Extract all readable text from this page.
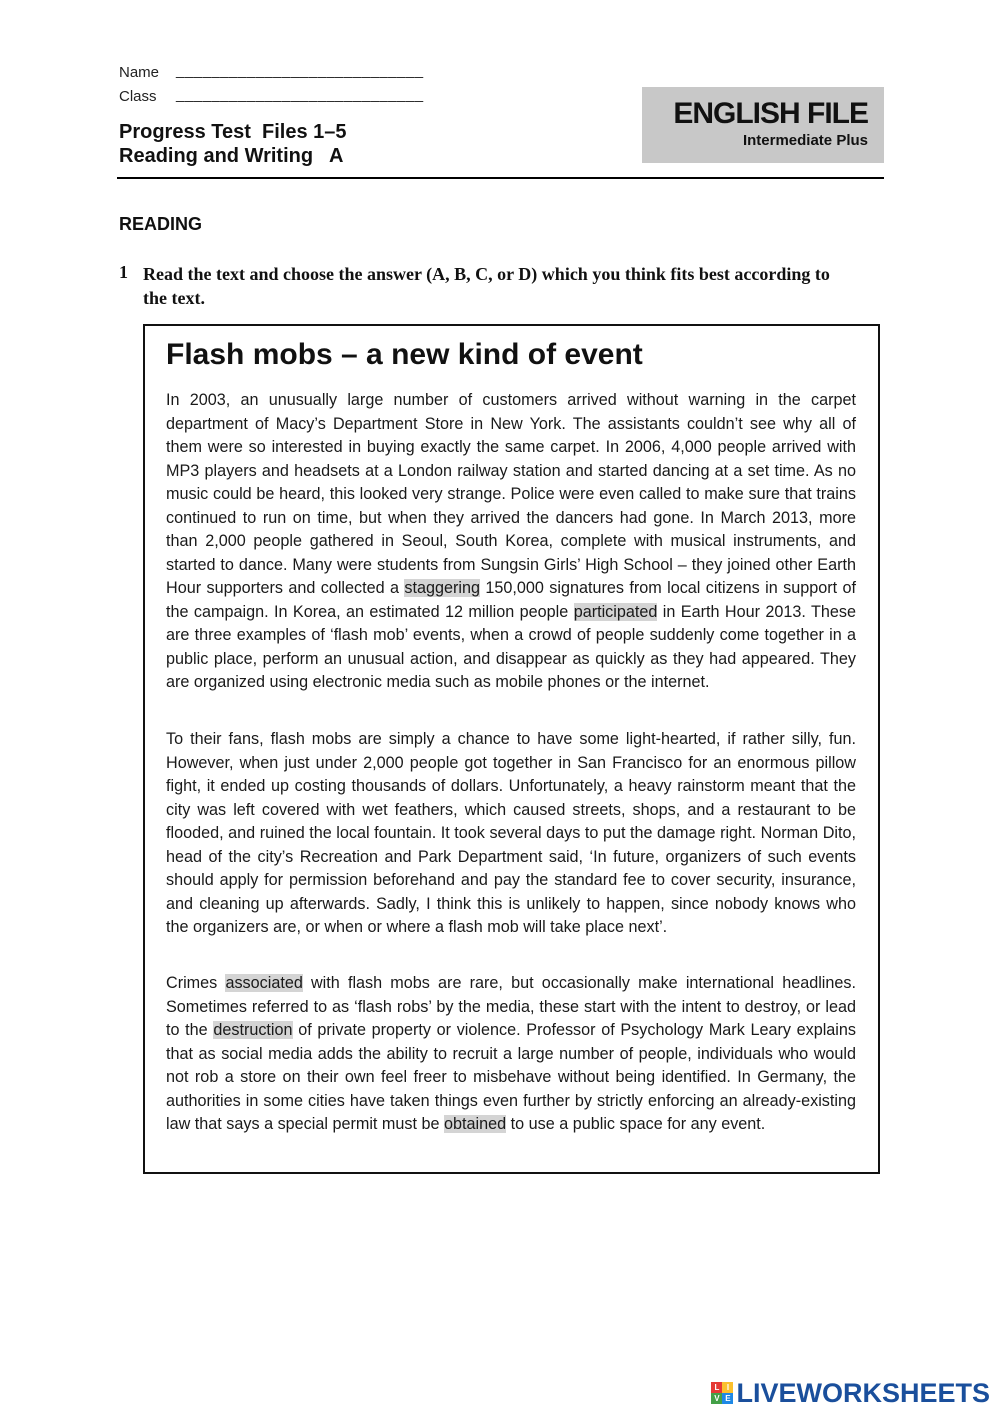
Name ____________________________
Class ____________________________
Progress Test  Files 1–5
Reading and Writing   A
ENGLISH FILE
Intermediate Plus
READING
1 Read the text and choose the answer (A, B, C, or D) which you think fits best according to the text.
Flash mobs – a new kind of event
In 2003, an unusually large number of customers arrived without warning in the carpet department of Macy’s Department Store in New York. The assistants couldn’t see why all of them were so interested in buying exactly the same carpet. In 2006, 4,000 people arrived with MP3 players and headsets at a London railway station and started dancing at a set time. As no music could be heard, this looked very strange. Police were even called to make sure that trains continued to run on time, but when they arrived the dancers had gone. In March 2013, more than 2,000 people gathered in Seoul, South Korea, complete with musical instruments, and started to dance. Many were students from Sungsin Girls’ High School – they joined other Earth Hour supporters and collected a staggering 150,000 signatures from local citizens in support of the campaign. In Korea, an estimated 12 million people participated in Earth Hour 2013. These are three examples of ‘flash mob’ events, when a crowd of people suddenly come together in a public place, perform an unusual action, and disappear as quickly as they had appeared. They are organized using electronic media such as mobile phones or the internet.
To their fans, flash mobs are simply a chance to have some light-hearted, if rather silly, fun. However, when just under 2,000 people got together in San Francisco for an enormous pillow fight, it ended up costing thousands of dollars. Unfortunately, a heavy rainstorm meant that the city was left covered with wet feathers, which caused streets, shops, and a restaurant to be flooded, and ruined the local fountain. It took several days to put the damage right. Norman Dito, head of the city’s Recreation and Park Department said, ‘In future, organizers of such events should apply for permission beforehand and pay the standard fee to cover security, insurance, and cleaning up afterwards. Sadly, I think this is unlikely to happen, since nobody knows who the organizers are, or when or where a flash mob will take place next’.
Crimes associated with flash mobs are rare, but occasionally make international headlines. Sometimes referred to as ‘flash robs’ by the media, these start with the intent to destroy, or lead to the destruction of private property or violence. Professor of Psychology Mark Leary explains that as social media adds the ability to recruit a large number of people, individuals who would not rob a store on their own feel freer to misbehave without being identified. In Germany, the authorities in some cities have taken things even further by strictly enforcing an already-existing law that says a special permit must be obtained to use a public space for any event.
L I
V E LIVEWORKSHEETS
